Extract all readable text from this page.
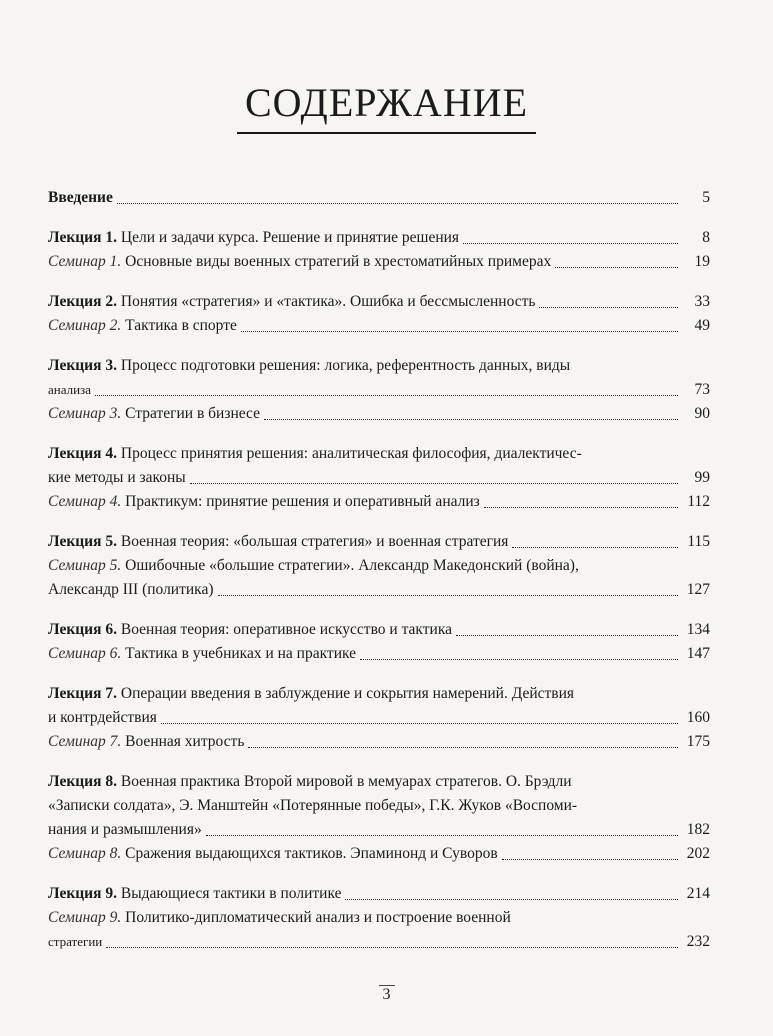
СОДЕРЖАНИЕ
Введение	5
Лекция 1. Цели и задачи курса. Решение и принятие решения	8
Семинар 1. Основные виды военных стратегий в хрестоматийных примерах	19
Лекция 2. Понятия «стратегия» и «тактика». Ошибка и бессмысленность	33
Семинар 2. Тактика в спорте	49
Лекция 3. Процесс подготовки решения: логика, референтность данных, виды
анализа	73
Семинар 3. Стратегии в бизнесе	90
Лекция 4. Процесс принятия решения: аналитическая философия, диалектичес-
кие методы и законы	99
Семинар 4. Практикум: принятие решения и оперативный анализ	112
Лекция 5. Военная теория: «большая стратегия» и военная стратегия	115
Семинар 5. Ошибочные «большие стратегии». Александр Македонский (война),
Александр III (политика)	127
Лекция 6. Военная теория: оперативное искусство и тактика	134
Семинар 6. Тактика в учебниках и на практике	147
Лекция 7. Операции введения в заблуждение и сокрытия намерений. Действия
и контрдействия	160
Семинар 7. Военная хитрость	175
Лекция 8. Военная практика Второй мировой в мемуарах стратегов. О. Брэдли
«Записки солдата», Э. Манштейн «Потерянные победы», Г.К. Жуков «Воспоми-
нания и размышления»	182
Семинар 8. Сражения выдающихся тактиков. Эпаминонд и Суворов	202
Лекция 9. Выдающиеся тактики в политике	214
Семинар 9. Политико-дипломатический анализ и построение военной
стратегии	232
3
